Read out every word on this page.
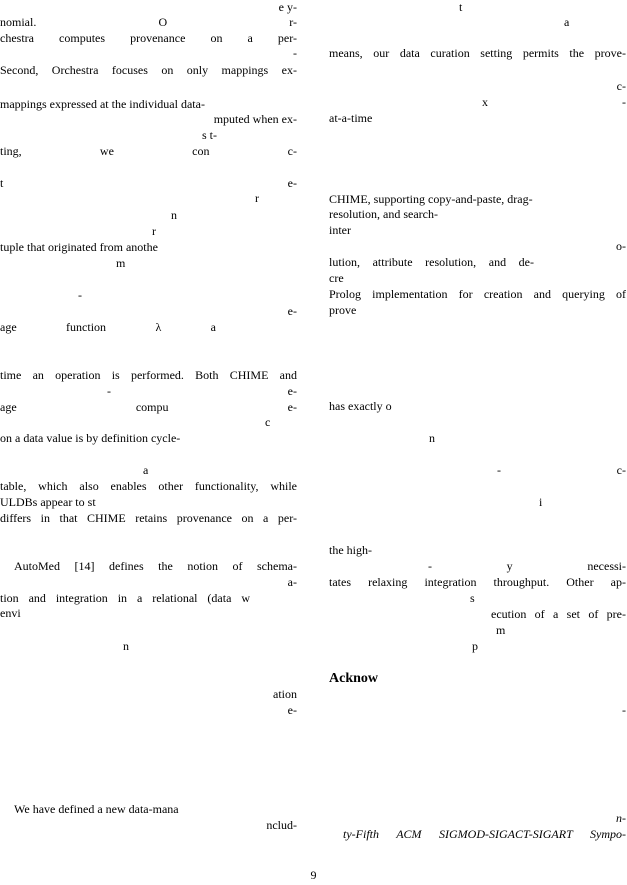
e y-
nomial. O r-
chestra computes provenance on a per-
-
Second, Orchestra focuses on only mappings ex-
mappings expressed at the individual data-
mputed when ex-
s t-
ting, we con c-
t e-
r
n
r
tuple that originated from anothe
m
-
e-
age function λ a
time an operation is performed. Both CHIME and
- e-
age compu e-
c
on a data value is by definition cycle-
a
table, which also enables other functionality, while
ULDBs appear to st
differs in that CHIME retains provenance on a per-
AutoMed [14] defines the notion of schema-
a-
tion and integration in a relational (data w
envi
n
ation
e-
We have defined a new data-mana
nclud-
t
a
means, our data curation setting permits the prove-
c-
x -
at-a-time
CHIME, supporting copy-and-paste, drag-
resolution, and search-
inter
o-
lution, attribute resolution, and de-
cre
Prolog implementation for creation and querying of
prove
has exactly o
n
- c-
i
the high-
- y necessi-
tates relaxing integration throughput. Other ap-
s
ecution of a set of pre-
m
p
Acknow
-
n-
ty-Fifth ACM SIGMOD-SIGACT-SIGART Sympo-
9
